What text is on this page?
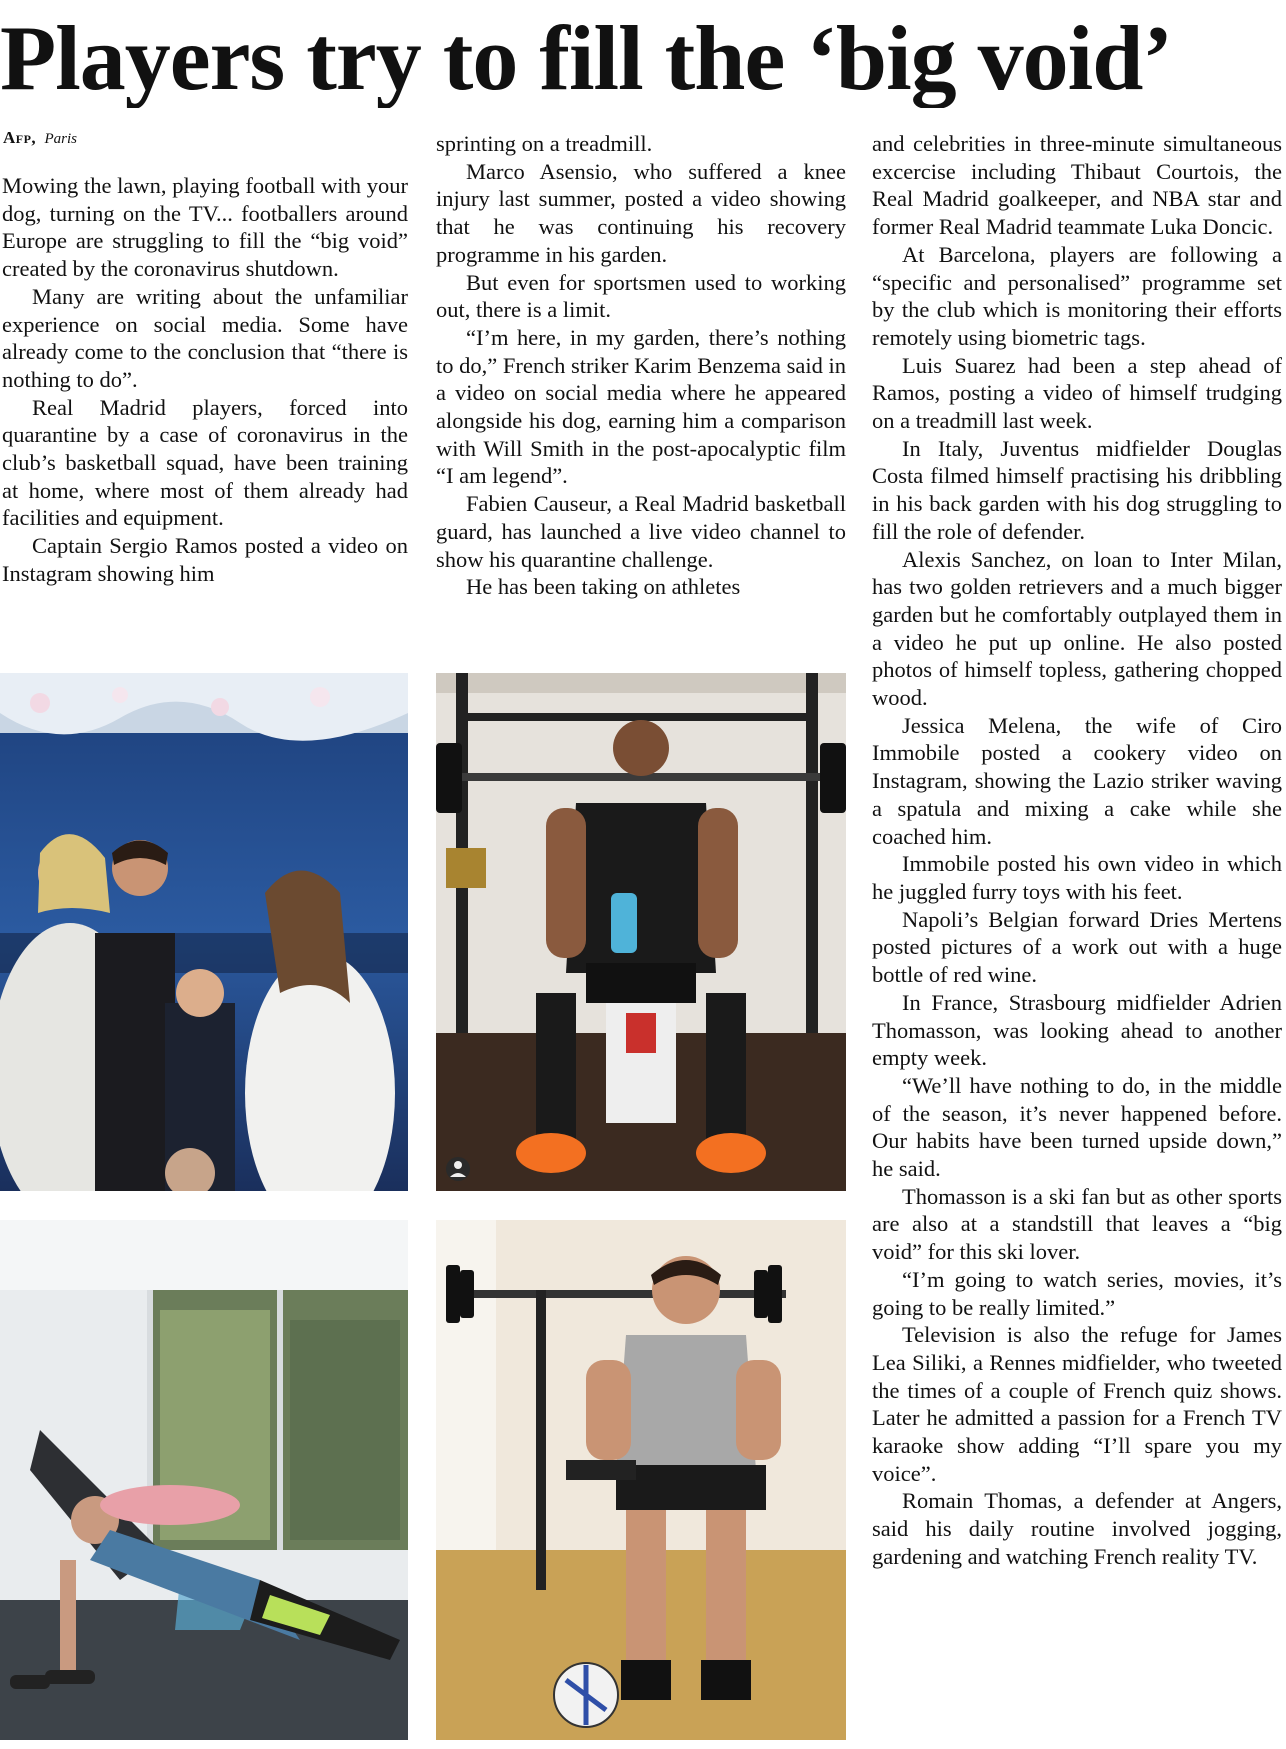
Players try to fill the ‘big void’
Afp, Paris

Mowing the lawn, playing football with your dog, turning on the TV... footballers around Europe are struggling to fill the “big void” created by the coronavirus shutdown.

Many are writing about the unfamiliar experience on social media. Some have already come to the conclusion that “there is nothing to do”.

Real Madrid players, forced into quarantine by a case of coronavirus in the club’s basketball squad, have been training at home, where most of them already had facilities and equipment.

Captain Sergio Ramos posted a video on Instagram showing him

sprinting on a treadmill.

Marco Asensio, who suffered a knee injury last summer, posted a video showing that he was continuing his recovery programme in his garden.

But even for sportsmen used to working out, there is a limit.

“I’m here, in my garden, there’s nothing to do,” French striker Karim Benzema said in a video on social media where he appeared alongside his dog, earning him a comparison with Will Smith in the post-apocalyptic film “I am legend”.

Fabien Causeur, a Real Madrid basketball guard, has launched a live video channel to show his quarantine challenge.

He has been taking on athletes

and celebrities in three-minute simultaneous excercise including Thibaut Courtois, the Real Madrid goalkeeper, and NBA star and former Real Madrid teammate Luka Doncic.

At Barcelona, players are following a “specific and personalised” programme set by the club which is monitoring their efforts remotely using biometric tags.

Luis Suarez had been a step ahead of Ramos, posting a video of himself trudging on a treadmill last week.

In Italy, Juventus midfielder Douglas Costa filmed himself practising his dribbling in his back garden with his dog struggling to fill the role of defender.

Alexis Sanchez, on loan to Inter Milan, has two golden retrievers and a much bigger garden but he comfortably outplayed them in a video he put up online. He also posted photos of himself topless, gathering chopped wood.

Jessica Melena, the wife of Ciro Immobile posted a cookery video on Instagram, showing the Lazio striker waving a spatula and mixing a cake while she coached him.

Immobile posted his own video in which he juggled furry toys with his feet.

Napoli’s Belgian forward Dries Mertens posted pictures of a work out with a huge bottle of red wine.

In France, Strasbourg midfielder Adrien Thomasson, was looking ahead to another empty week.

“We’ll have nothing to do, in the middle of the season, it’s never happened before. Our habits have been turned upside down,” he said.

Thomasson is a ski fan but as other sports are also at a standstill that leaves a “big void” for this ski lover.

“I’m going to watch series, movies, it’s going to be really limited.”

Television is also the refuge for James Lea Siliki, a Rennes midfielder, who tweeted the times of a couple of French quiz shows. Later he admitted a passion for a French TV karaoke show adding “I’ll spare you my voice”.

Romain Thomas, a defender at Angers, said his daily routine involved jogging, gardening and watching French reality TV.
